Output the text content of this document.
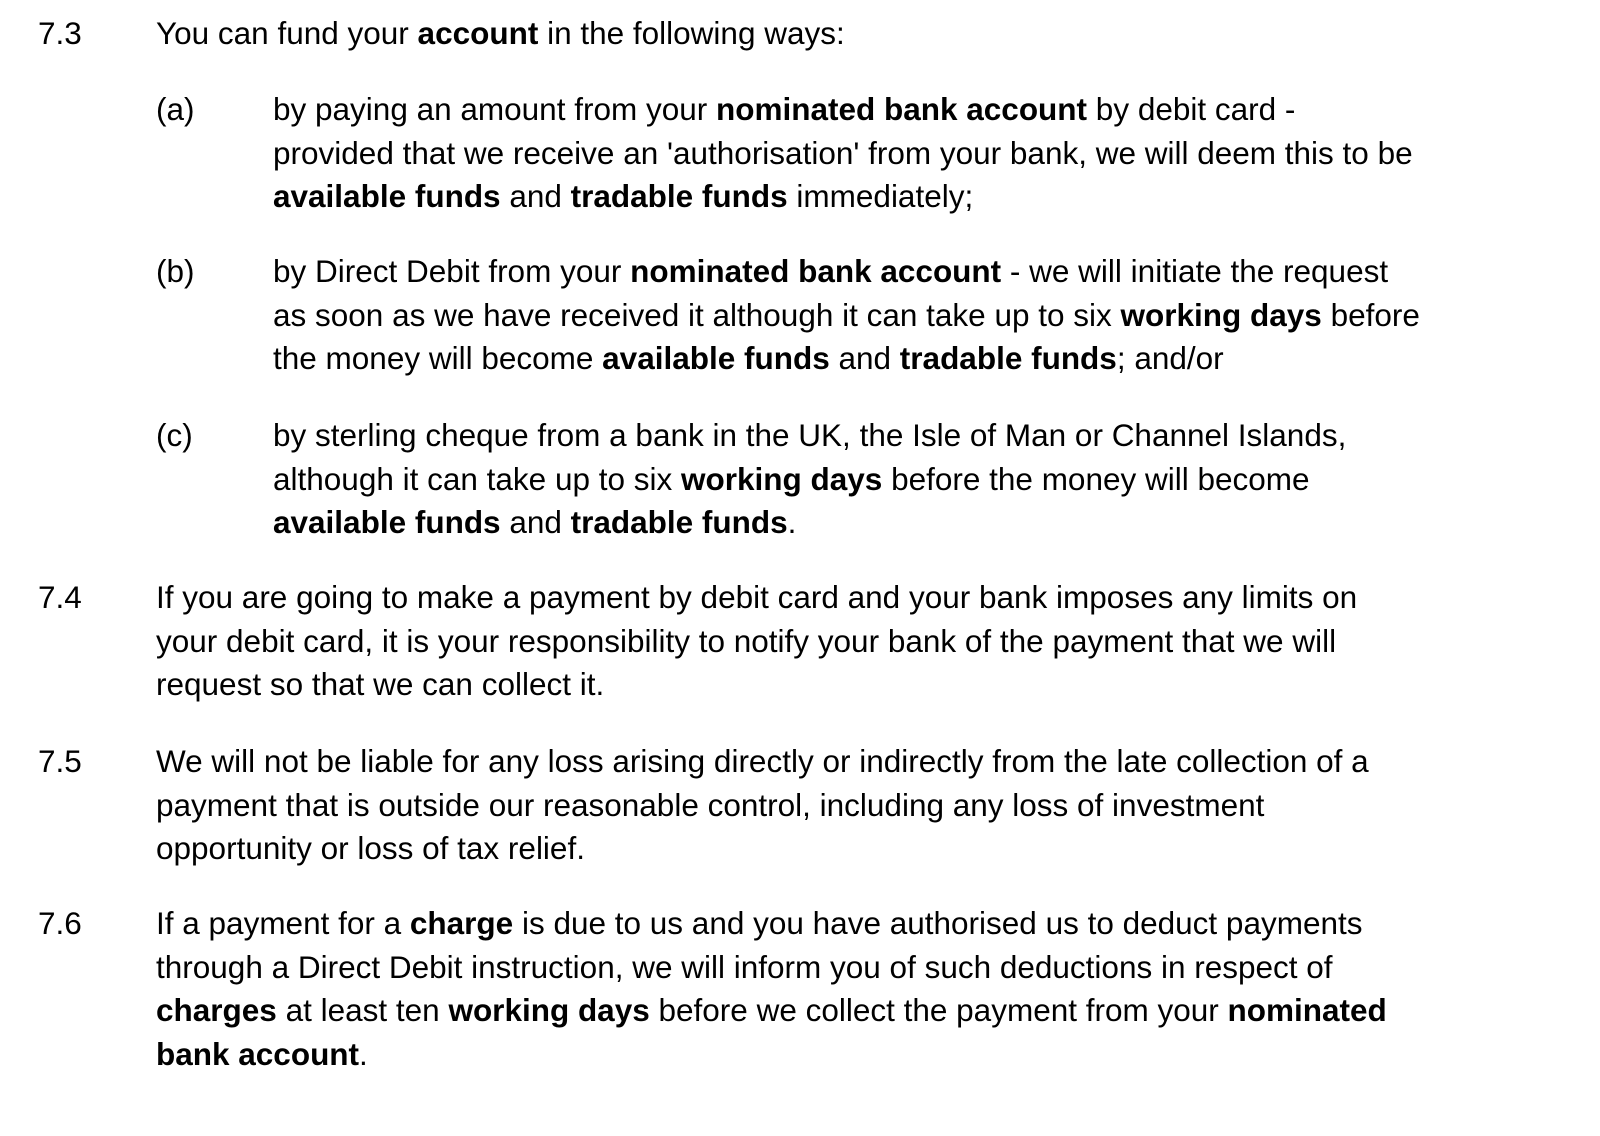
7.3 You can fund your account in the following ways:
(a) by paying an amount from your nominated bank account by debit card -
provided that we receive an 'authorisation' from your bank, we will deem this to be
available funds and tradable funds immediately;
(b) by Direct Debit from your nominated bank account - we will initiate the request
as soon as we have received it although it can take up to six working days before
the money will become available funds and tradable funds; and/or
(c)	by sterling cheque from a bank in the UK, the Isle of Man or Channel Islands,
although it can take up to six working days before the money will become
available funds and tradable funds.
7.4 If you are going to make a payment by debit card and your bank imposes any limits on
your debit card, it is your responsibility to notify your bank of the payment that we will
request so that we can collect it.
7.5 We will not be liable for any loss arising directly or indirectly from the late collection of a
payment that is outside our reasonable control, including any loss of investment
opportunity or loss of tax relief.
7.6 If a payment for a charge is due to us and you have authorised us to deduct payments
through a Direct Debit instruction, we will inform you of such deductions in respect of
charges at least ten working days before we collect the payment from your nominated
bank account.
